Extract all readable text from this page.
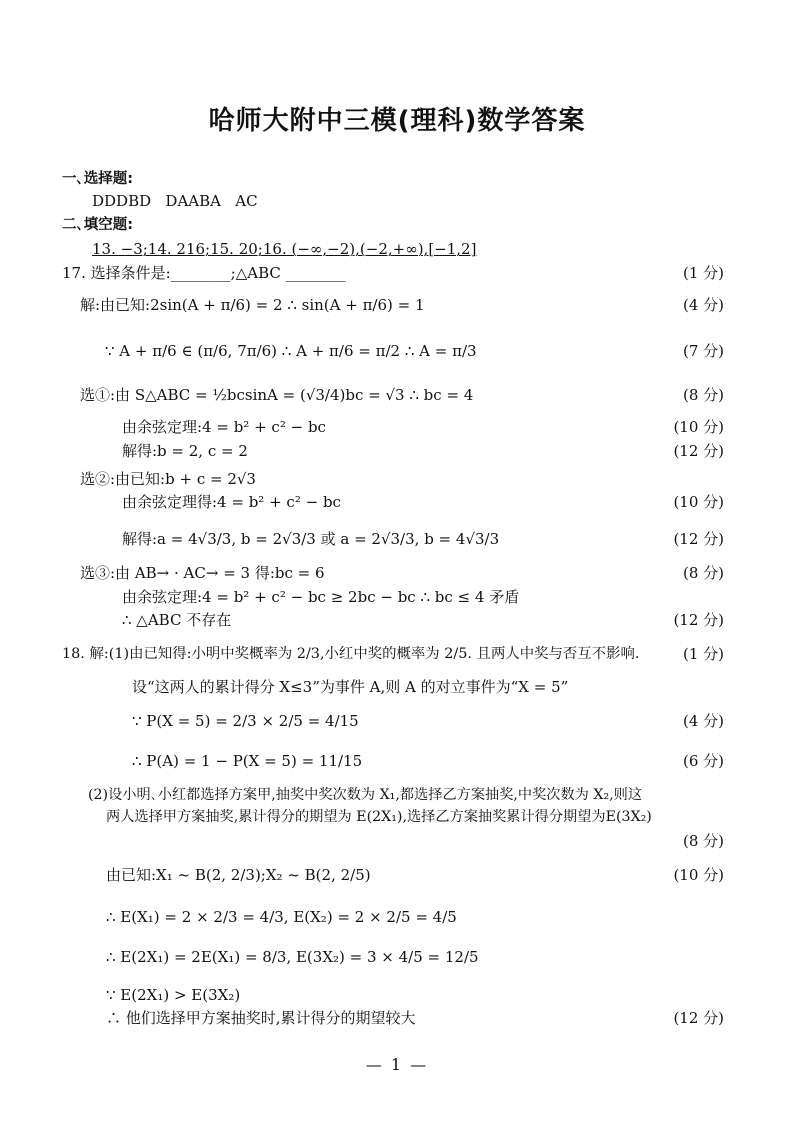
哈师大附中三模(理科)数学答案
一､选择题:
DDDBD   DAABA   AC
二､填空题:
13. −3;14. 216;15. 20;16. (−∞,−2),(−2,+∞),[−1,2]
17. 选择条件是:________;△ABC ________	(1 分)
解:由已知:2sin(A + π/6) = 2 ∴ sin(A + π/6) = 1	(4 分)
∵ A + π/6 ∈ (π/6, 7π/6) ∴ A + π/6 = π/2 ∴ A = π/3	(7 分)
选①:由 S△ABC = ½bcsinA = (√3/4)bc = √3 ∴ bc = 4	(8 分)
由余弦定理:4 = b² + c² − bc	(10 分)
解得:b = 2, c = 2	(12 分)
选②:由已知:b + c = 2√3
由余弦定理得:4 = b² + c² − bc	(10 分)
解得:a = 4√3/3, b = 2√3/3 或 a = 2√3/3, b = 4√3/3	(12 分)
选③:由 AB→ · AC→ = 3 得:bc = 6	(8 分)
由余弦定理:4 = b² + c² − bc ≥ 2bc − bc ∴ bc ≤ 4 矛盾
∴ △ABC 不存在	(12 分)
18. 解:(1)由已知得:小明中奖概率为 2/3,小红中奖的概率为 2/5. 且两人中奖与否互不影响.	(1 分)
设“这两人的累计得分 X≤3”为事件 A,则 A 的对立事件为“X = 5”
∵ P(X = 5) = 2/3 × 2/5 = 4/15	(4 分)
∴ P(A) = 1 − P(X = 5) = 11/15	(6 分)
(2)设小明､小红都选择方案甲,抽奖中奖次数为 X₁,都选择乙方案抽奖,中奖次数为 X₂,则这
两人选择甲方案抽奖,累计得分的期望为 E(2X₁),选择乙方案抽奖累计得分期望为E(3X₂)
(8 分)
由已知:X₁ ~ B(2, 2/3);X₂ ~ B(2, 2/5)	(10 分)
∴ E(X₁) = 2 × 2/3 = 4/3, E(X₂) = 2 × 2/5 = 4/5
∴ E(2X₁) = 2E(X₁) = 8/3, E(3X₂) = 3 × 4/5 = 12/5
∵ E(2X₁) > E(3X₂)
∴ 他们选择甲方案抽奖时,累计得分的期望较大	(12 分)
— 1 —
